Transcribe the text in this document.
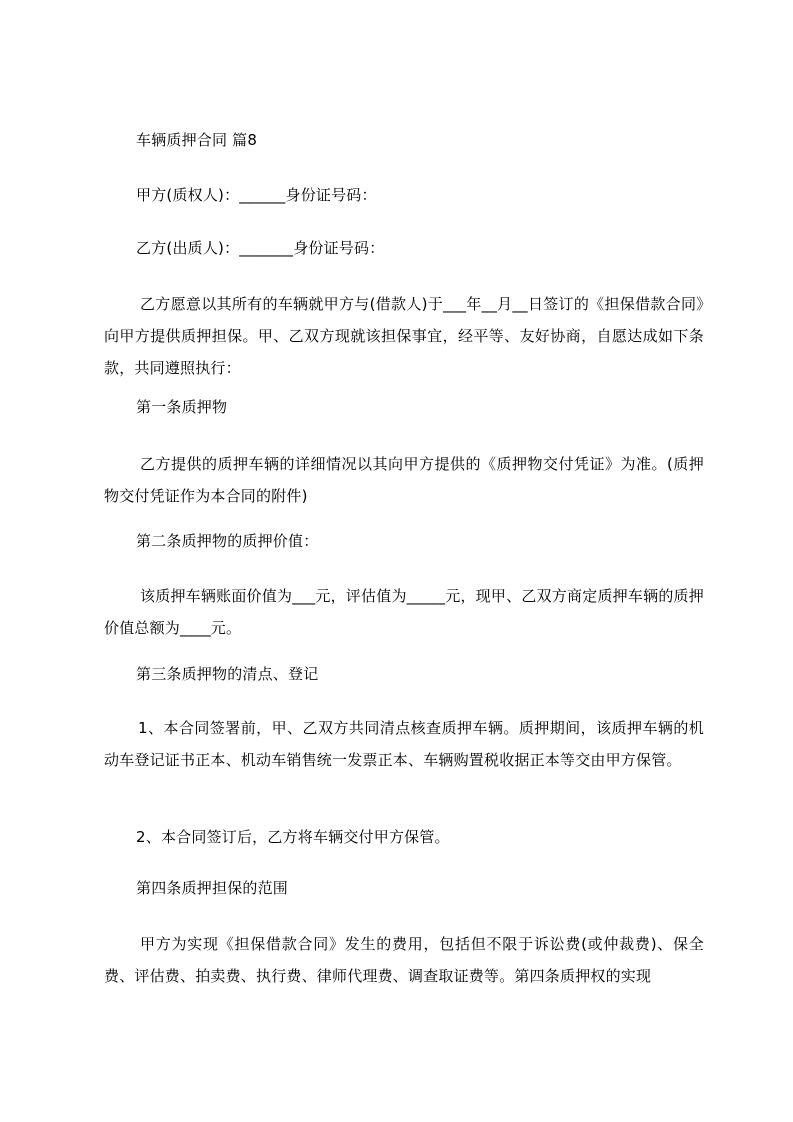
车辆质押合同 篇8
甲方(质权人)：______身份证号码：
乙方(出质人)：_______身份证号码：
乙方愿意以其所有的车辆就甲方与(借款人)于___年__月__日签订的《担保借款合同》向甲方提供质押担保。甲、乙双方现就该担保事宜，经平等、友好协商，自愿达成如下条款，共同遵照执行：
第一条质押物
乙方提供的质押车辆的详细情况以其向甲方提供的《质押物交付凭证》为准。(质押物交付凭证作为本合同的附件)
第二条质押物的质押价值：
该质押车辆账面价值为___元，评估值为_____元，现甲、乙双方商定质押车辆的质押价值总额为____元。
第三条质押物的清点、登记
1、本合同签署前，甲、乙双方共同清点核查质押车辆。质押期间，该质押车辆的机动车登记证书正本、机动车销售统一发票正本、车辆购置税收据正本等交由甲方保管。
2、本合同签订后，乙方将车辆交付甲方保管。
第四条质押担保的范围
甲方为实现《担保借款合同》发生的费用，包括但不限于诉讼费(或仲裁费)、保全费、评估费、拍卖费、执行费、律师代理费、调查取证费等。第四条质押权的实现
